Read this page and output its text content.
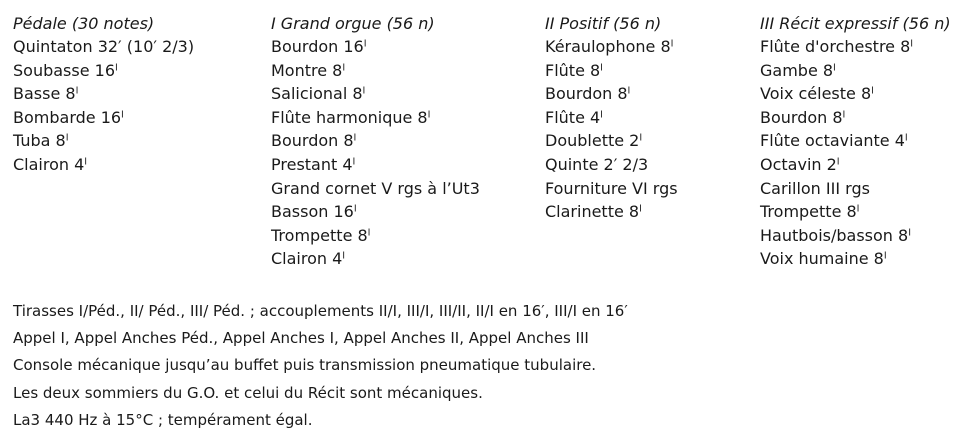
Pédale (30 notes)
Quintaton 32′ (10′ 2/3)
Soubasse 16ˡ
Basse 8ˡ
Bombarde 16ˡ
Tuba 8ˡ
Clairon 4ˡ
I Grand orgue (56 n)
Bourdon 16ˡ
Montre 8ˡ
Salicional 8ˡ
Flûte harmonique 8ˡ
Bourdon 8ˡ
Prestant 4ˡ
Grand cornet V rgs à l’Ut3
Basson 16ˡ
Trompette 8ˡ
Clairon 4ˡ
II Positif (56 n)
Kéraulophone 8ˡ
Flûte 8ˡ
Bourdon 8ˡ
Flûte 4ˡ
Doublette 2ˡ
Quinte 2′ 2/3
Fourniture VI rgs
Clarinette 8ˡ
III Récit expressif (56 n)
Flûte d'orchestre 8ˡ
Gambe 8ˡ
Voix céleste 8ˡ
Bourdon 8ˡ
Flûte octaviante 4ˡ
Octavin 2ˡ
Carillon III rgs
Trompette 8ˡ
Hautbois/basson 8ˡ
Voix humaine 8ˡ

Tirasses I/Péd., II/ Péd., III/ Péd. ; accouplements II/I, III/I, III/II, II/I en 16′, III/I en 16′

Appel I, Appel Anches Péd., Appel Anches I, Appel Anches II, Appel Anches III

Console mécanique jusqu’au buffet puis transmission pneumatique tubulaire.

Les deux sommiers du G.O. et celui du Récit sont mécaniques.

La3 440 Hz à 15°C ; tempérament égal.
